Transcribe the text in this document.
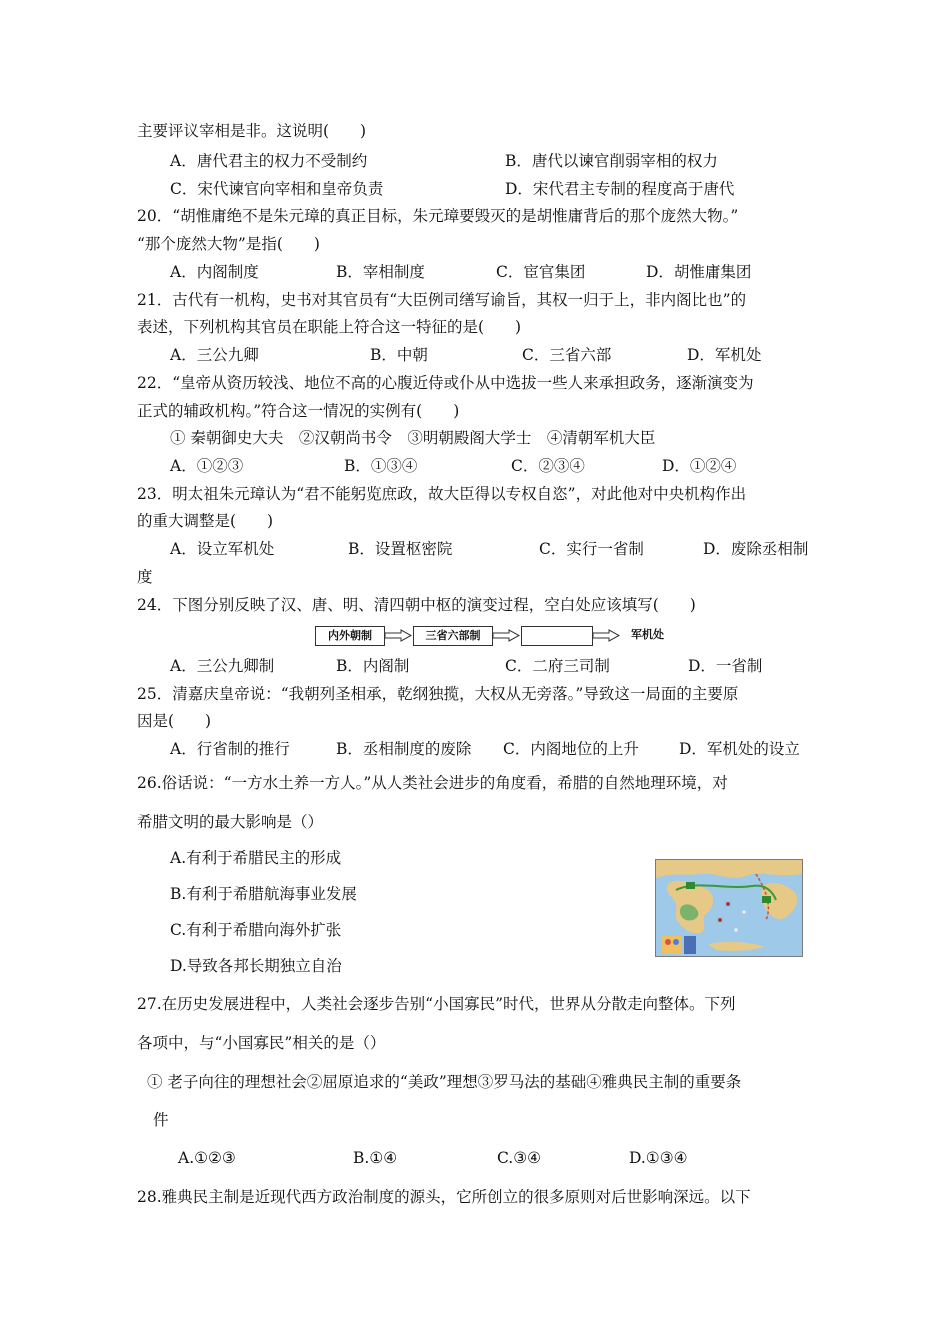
主要评议宰相是非。这说明(　　)
A．唐代君主的权力不受制约	B．唐代以谏官削弱宰相的权力
C．宋代谏官向宰相和皇帝负责	D．宋代君主专制的程度高于唐代
20．“胡惟庸绝不是朱元璋的真正目标，朱元璋要毁灭的是胡惟庸背后的那个庞然大物。”
“那个庞然大物”是指(　　)
A．内阁制度	B．宰相制度	C．宦官集团	D．胡惟庸集团
21．古代有一机构，史书对其官员有“大臣例司缮写谕旨，其权一归于上，非内阁比也”的
表述，下列机构其官员在职能上符合这一特征的是(　　)
A．三公九卿	B．中朝	C．三省六部	D．军机处
22．“皇帝从资历较浅、地位不高的心腹近侍或仆从中选拔一些人来承担政务，逐渐演变为
正式的辅政机构。”符合这一情况的实例有(　　)
① 秦朝御史大夫　②汉朝尚书令　③明朝殿阁大学士　④清朝军机大臣
A．①②③	B．①③④	C．②③④	D．①②④
23．明太祖朱元璋认为“君不能躬览庶政，故大臣得以专权自恣”，对此他对中央机构作出
的重大调整是(　　)
A．设立军机处	B．设置枢密院	C．实行一省制	D．废除丞相制
度
24．下图分别反映了汉、唐、明、清四朝中枢的演变过程，空白处应该填写(　　)
内外朝制	三省六部制	军机处
A．三公九卿制	B．内阁制	C．二府三司制	D．一省制
25．清嘉庆皇帝说：“我朝列圣相承，乾纲独揽，大权从无旁落。”导致这一局面的主要原
因是(　　)
A．行省制的推行	B．丞相制度的废除 C．内阁地位的上升	D．军机处的设立
26.俗话说：“一方水土养一方人。”从人类社会进步的角度看，希腊的自然地理环境，对
希腊文明的最大影响是（）
A.有利于希腊民主的形成
B.有利于希腊航海事业发展
C.有利于希腊向海外扩张
D.导致各邦长期独立自治
27.在历史发展进程中，人类社会逐步告别“小国寡民”时代，世界从分散走向整体。下列
各项中，与“小国寡民”相关的是（）
① 老子向往的理想社会②屈原追求的“美政”理想③罗马法的基础④雅典民主制的重要条
件
A.①②③	B.①④	C.③④	D.①③④
28.雅典民主制是近现代西方政治制度的源头，它所创立的很多原则对后世影响深远。以下
